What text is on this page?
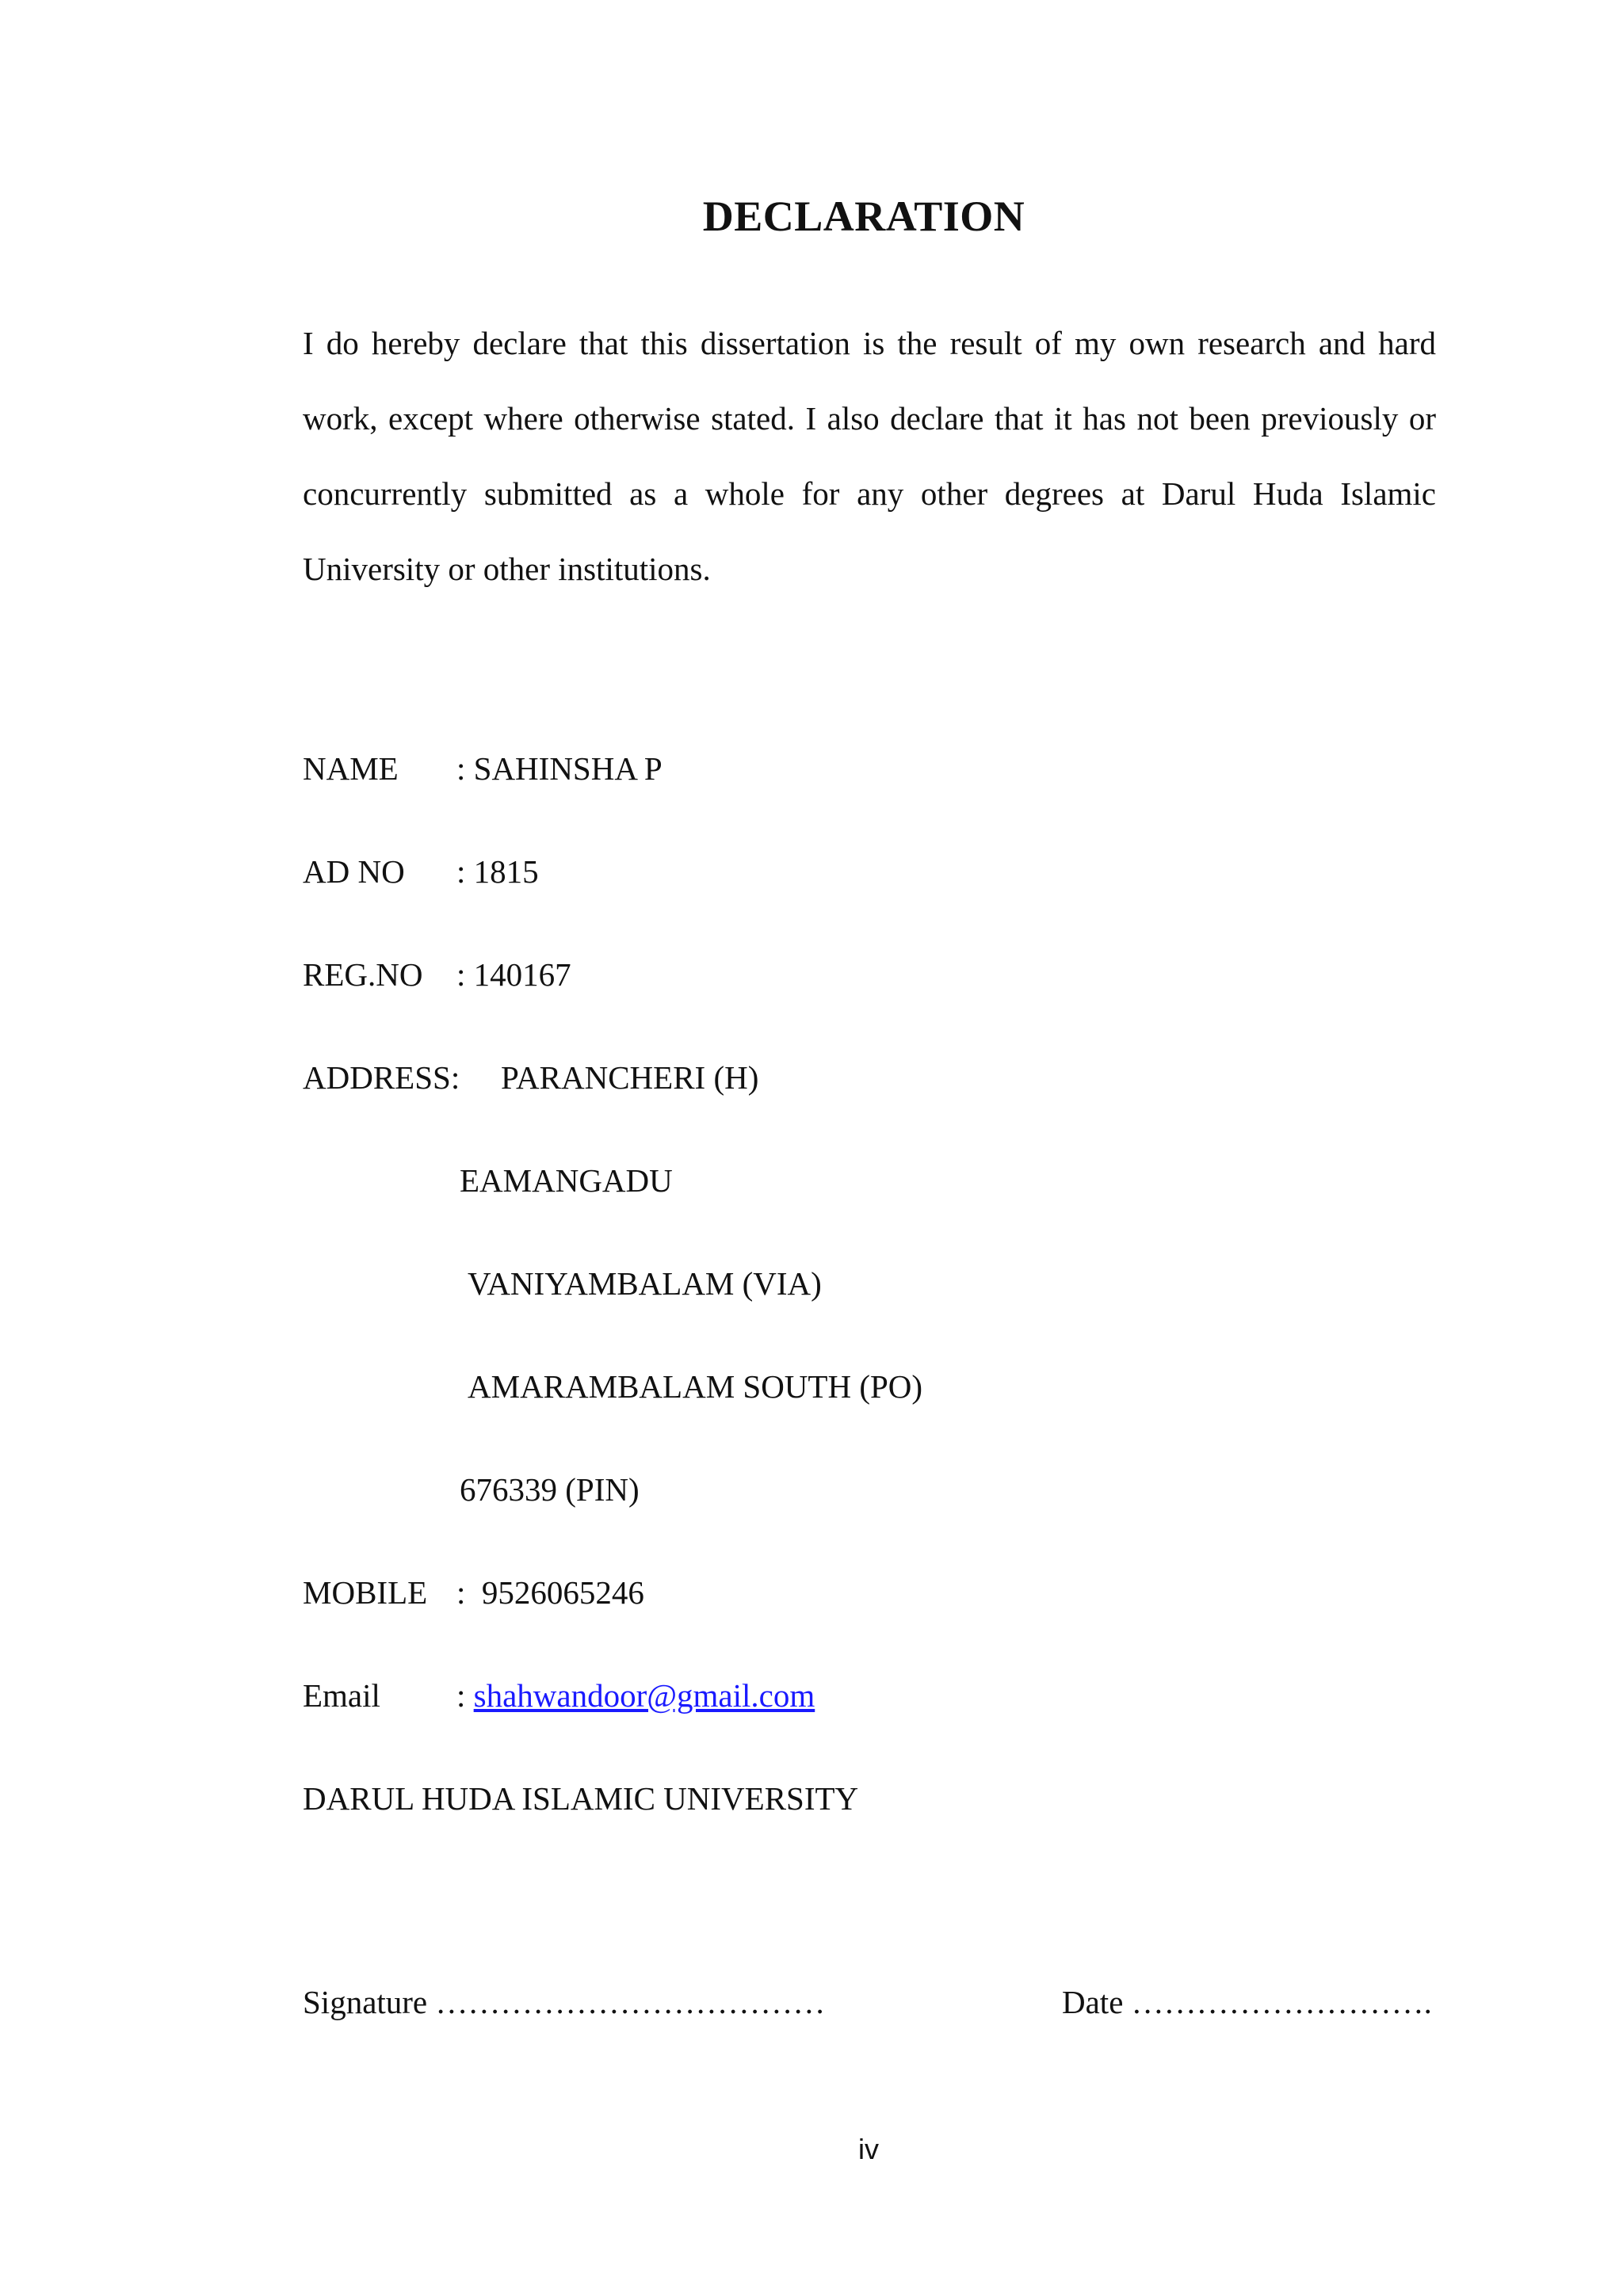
DECLARATION

I do hereby declare that this dissertation is the result of my own research and hard work, except where otherwise stated. I also declare that it has not been previously or concurrently submitted as a whole for any other degrees at Darul Huda Islamic University or other institutions.

NAME : SAHINSHA P
AD NO : 1815
REG.NO : 140167
ADDRESS: PARANCHERI (H)
EAMANGADU
VANIYAMBALAM (VIA)
AMARAMBALAM SOUTH (PO)
676339 (PIN)
MOBILE :  9526065246
Email : shahwandoor@gmail.com
DARUL HUDA ISLAMIC UNIVERSITY
Signature ………………………………	Date ……………………….
iv
